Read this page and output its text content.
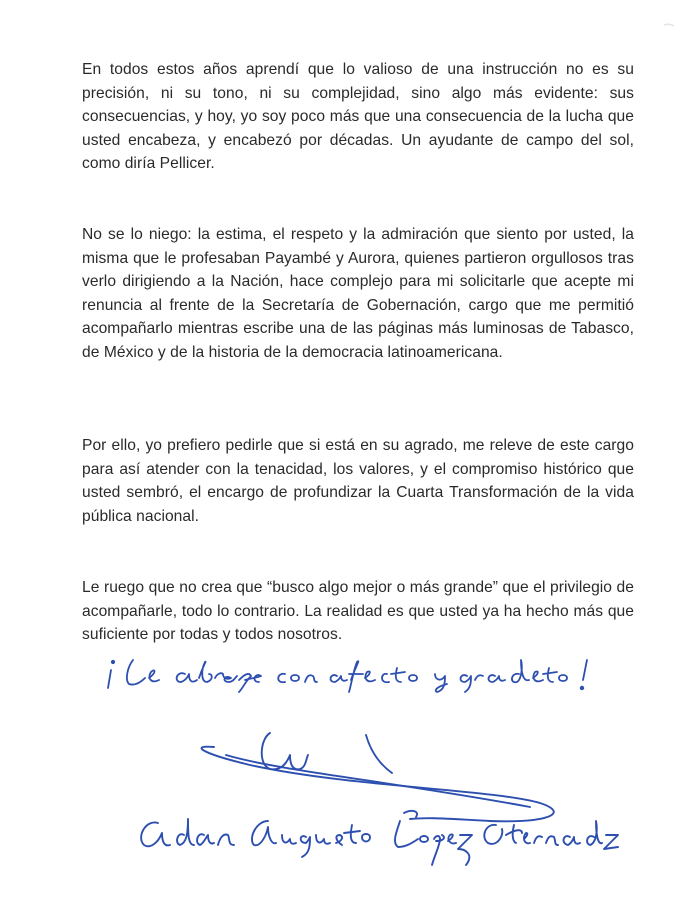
En todos estos años aprendí que lo valioso de una instrucción no es su precisión, ni su tono, ni su complejidad, sino algo más evidente: sus consecuencias, y hoy, yo soy poco más que una consecuencia de la lucha que usted encabeza, y encabezó por décadas. Un ayudante de campo del sol, como diría Pellicer.

No se lo niego: la estima, el respeto y la admiración que siento por usted, la misma que le profesaban Payambé y Aurora, quienes partieron orgullosos tras verlo dirigiendo a la Nación, hace complejo para mi solicitarle que acepte mi renuncia al frente de la Secretaría de Gobernación, cargo que me permitió acompañarlo mientras escribe una de las páginas más luminosas de Tabasco, de México y de la historia de la democracia latinoamericana.

Por ello, yo prefiero pedirle que si está en su agrado, me releve de este cargo para así atender con la tenacidad, los valores, y el compromiso histórico que usted sembró, el encargo de profundizar la Cuarta Transformación de la vida pública nacional.

Le ruego que no crea que “busco algo mejor o más grande” que el privilegio de acompañarle, todo lo contrario. La realidad es que usted ya ha hecho más que suficiente por todas y todos nosotros.
